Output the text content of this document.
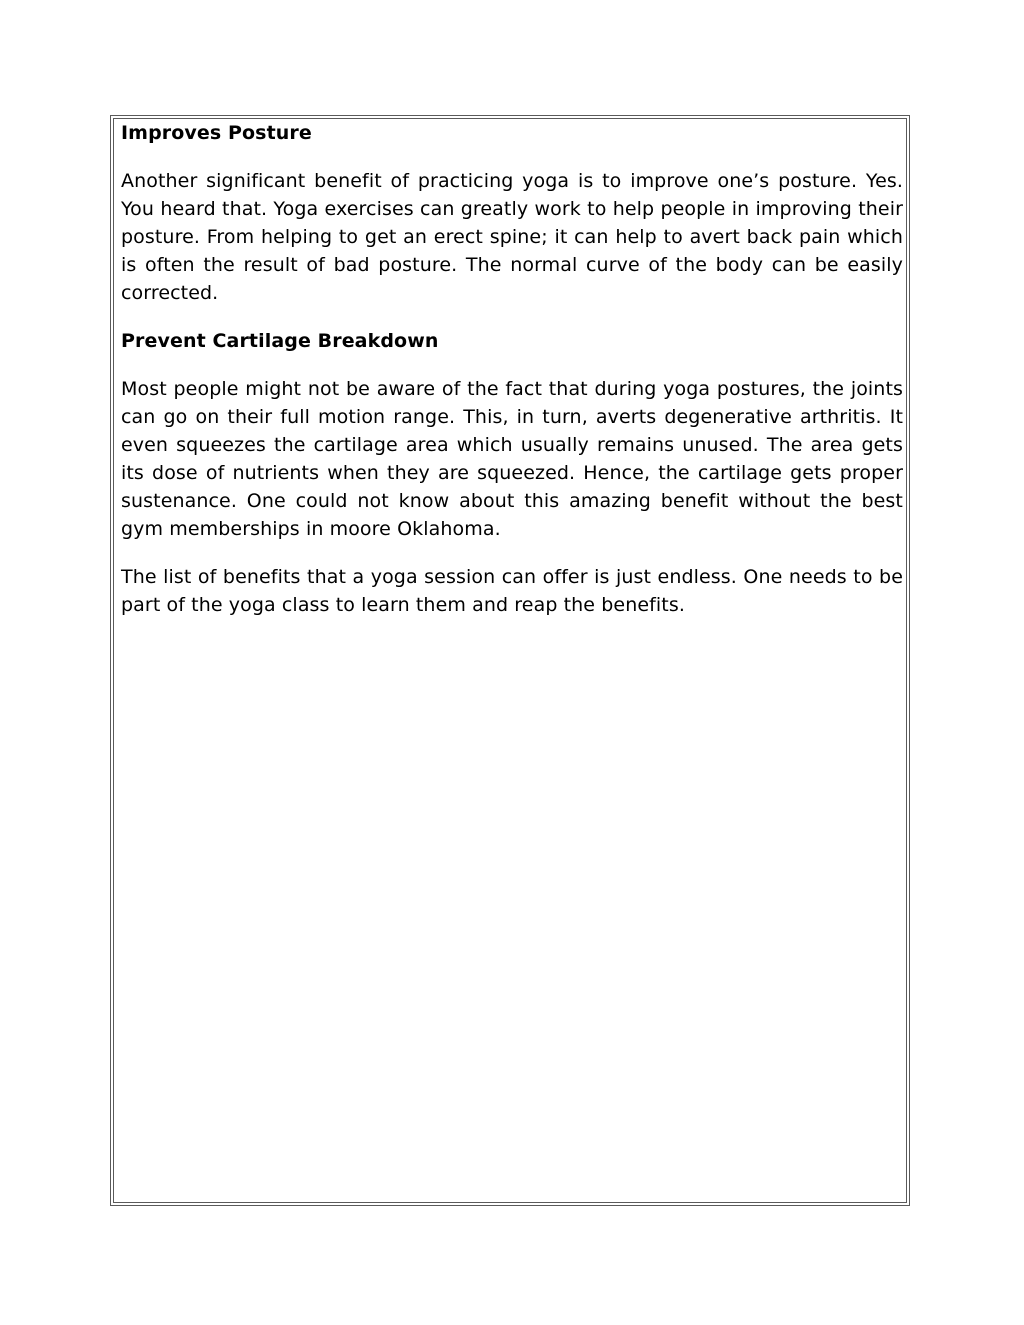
Improves Posture

Another significant benefit of practicing yoga is to improve one’s posture. Yes. You heard that. Yoga exercises can greatly work to help people in improving their posture. From helping to get an erect spine; it can help to avert back pain which is often the result of bad posture. The normal curve of the body can be easily corrected.

Prevent Cartilage Breakdown

Most people might not be aware of the fact that during yoga postures, the joints can go on their full motion range. This, in turn, averts degenerative arthritis. It even squeezes the cartilage area which usually remains unused. The area gets its dose of nutrients when they are squeezed. Hence, the cartilage gets proper sustenance. One could not know about this amazing benefit without the best gym memberships in moore Oklahoma.

The list of benefits that a yoga session can offer is just endless. One needs to be part of the yoga class to learn them and reap the benefits.
